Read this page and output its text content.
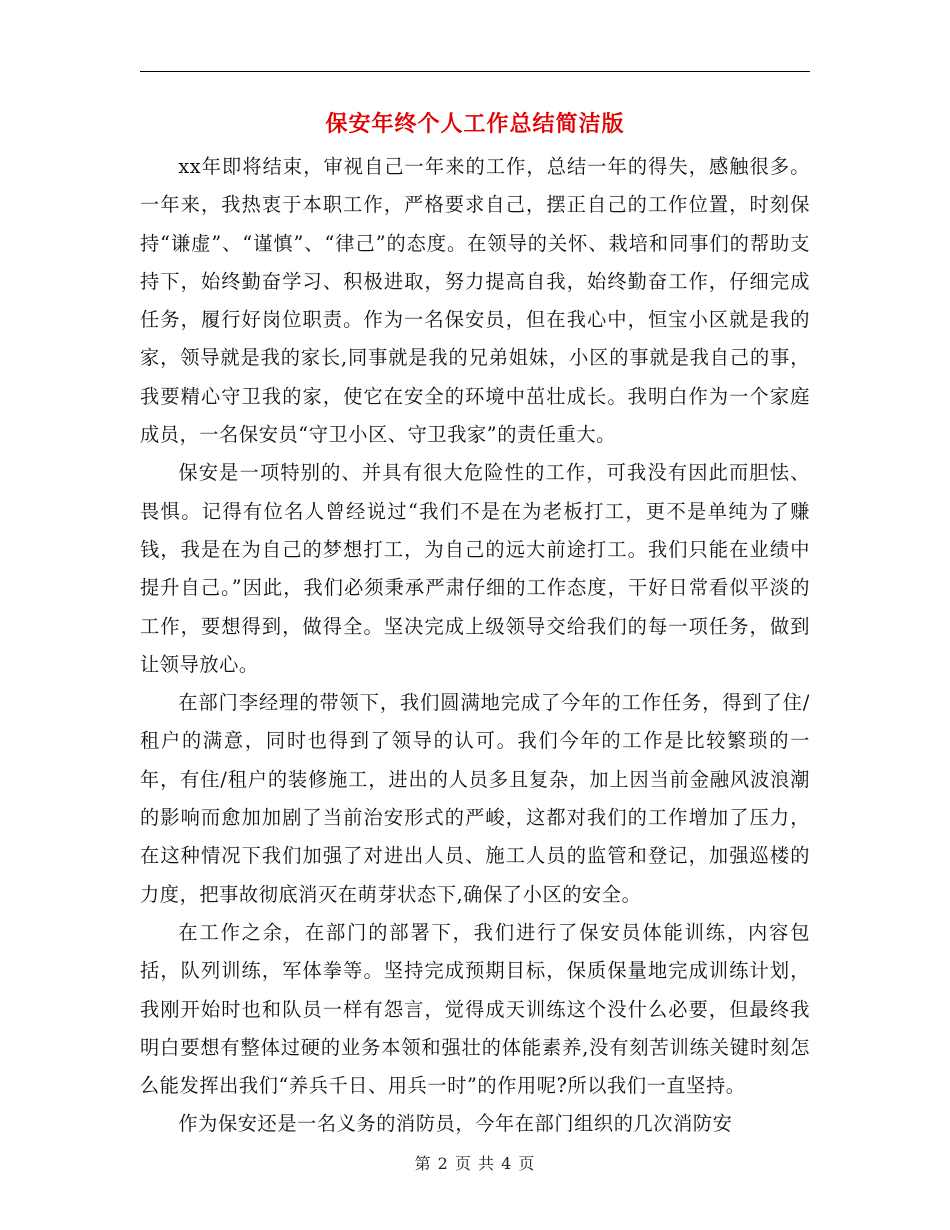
保安年终个人工作总结简洁版

xx年即将结束，审视自己一年来的工作，总结一年的得失，感触很多。一年来，我热衷于本职工作，严格要求自己，摆正自己的工作位置，时刻保持“谦虚”、“谨慎”、“律己”的态度。在领导的关怀、栽培和同事们的帮助支持下，始终勤奋学习、积极进取，努力提高自我，始终勤奋工作，仔细完成任务，履行好岗位职责。作为一名保安员，但在我心中，恒宝小区就是我的家，领导就是我的家长,同事就是我的兄弟姐妹，小区的事就是我自己的事，我要精心守卫我的家，使它在安全的环境中茁壮成长。我明白作为一个家庭成员，一名保安员“守卫小区、守卫我家”的责任重大。

保安是一项特别的、并具有很大危险性的工作，可我没有因此而胆怯、畏惧。记得有位名人曾经说过“我们不是在为老板打工，更不是单纯为了赚钱，我是在为自己的梦想打工，为自己的远大前途打工。我们只能在业绩中提升自己。”因此，我们必须秉承严肃仔细的工作态度，干好日常看似平淡的工作，要想得到，做得全。坚决完成上级领导交给我们的每一项任务，做到让领导放心。

在部门李经理的带领下，我们圆满地完成了今年的工作任务，得到了住/租户的满意，同时也得到了领导的认可。我们今年的工作是比较繁琐的一年，有住/租户的装修施工，进出的人员多且复杂，加上因当前金融风波浪潮的影响而愈加加剧了当前治安形式的严峻，这都对我们的工作增加了压力，在这种情况下我们加强了对进出人员、施工人员的监管和登记，加强巡楼的力度，把事故彻底消灭在萌芽状态下,确保了小区的安全。

在工作之余，在部门的部署下，我们进行了保安员体能训练，内容包括，队列训练，军体拳等。坚持完成预期目标，保质保量地完成训练计划，我刚开始时也和队员一样有怨言，觉得成天训练这个没什么必要，但最终我明白要想有整体过硬的业务本领和强壮的体能素养,没有刻苦训练关键时刻怎么能发挥出我们“养兵千日、用兵一时”的作用呢?所以我们一直坚持。

作为保安还是一名义务的消防员，今年在部门组织的几次消防安

第 2 页 共 4 页
